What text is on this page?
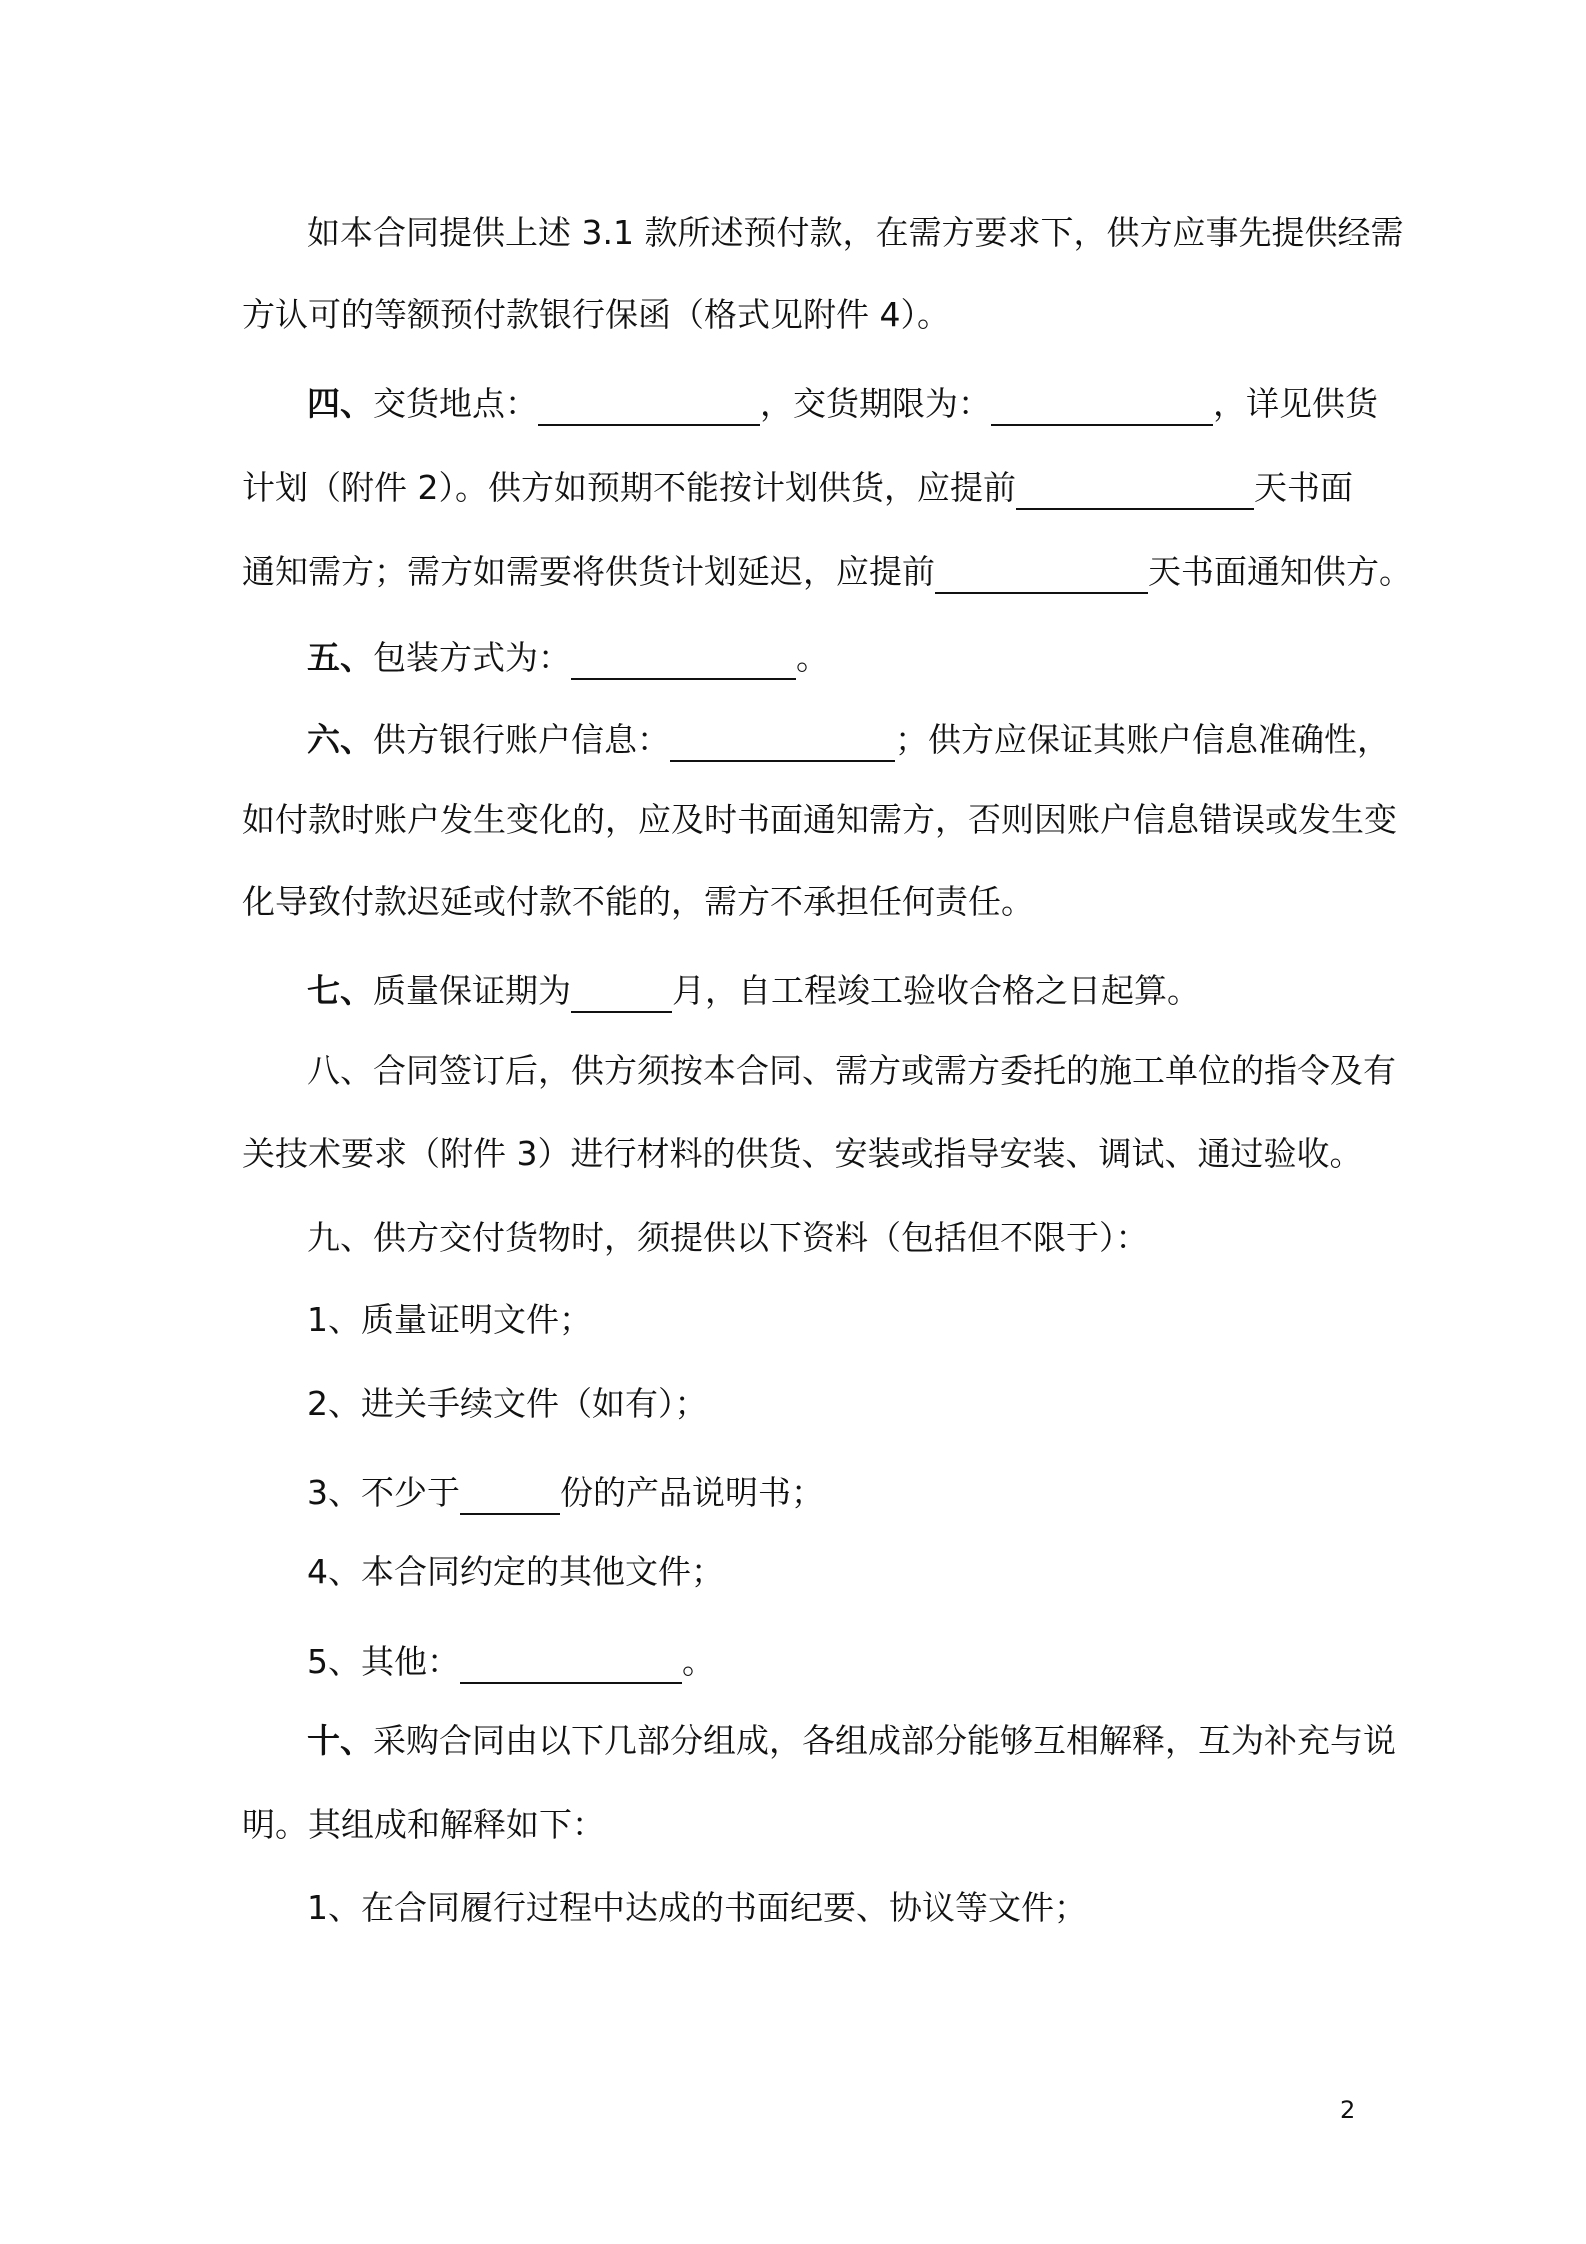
如本合同提供上述 3.1 款所述预付款，在需方要求下，供方应事先提供经需
方认可的等额预付款银行保函（格式见附件 4）。
四、交货地点：	，交货期限为：	，详见供货
计划（附件 2）。供方如预期不能按计划供货，应提前	天书面
通知需方；需方如需要将供货计划延迟，应提前	天书面通知供方。
五、包装方式为：	。
六、供方银行账户信息：	；供方应保证其账户信息准确性，
如付款时账户发生变化的，应及时书面通知需方，否则因账户信息错误或发生变
化导致付款迟延或付款不能的，需方不承担任何责任。
七、质量保证期为	月，自工程竣工验收合格之日起算。
八、合同签订后，供方须按本合同、需方或需方委托的施工单位的指令及有
关技术要求（附件 3）进行材料的供货、安装或指导安装、调试、通过验收。
九、供方交付货物时，须提供以下资料（包括但不限于）：
1、质量证明文件；
2、进关手续文件（如有）；
3、不少于	份的产品说明书；
4、本合同约定的其他文件；
5、其他：	。
十、采购合同由以下几部分组成，各组成部分能够互相解释，互为补充与说
明。其组成和解释如下：
1、在合同履行过程中达成的书面纪要、协议等文件；
2
